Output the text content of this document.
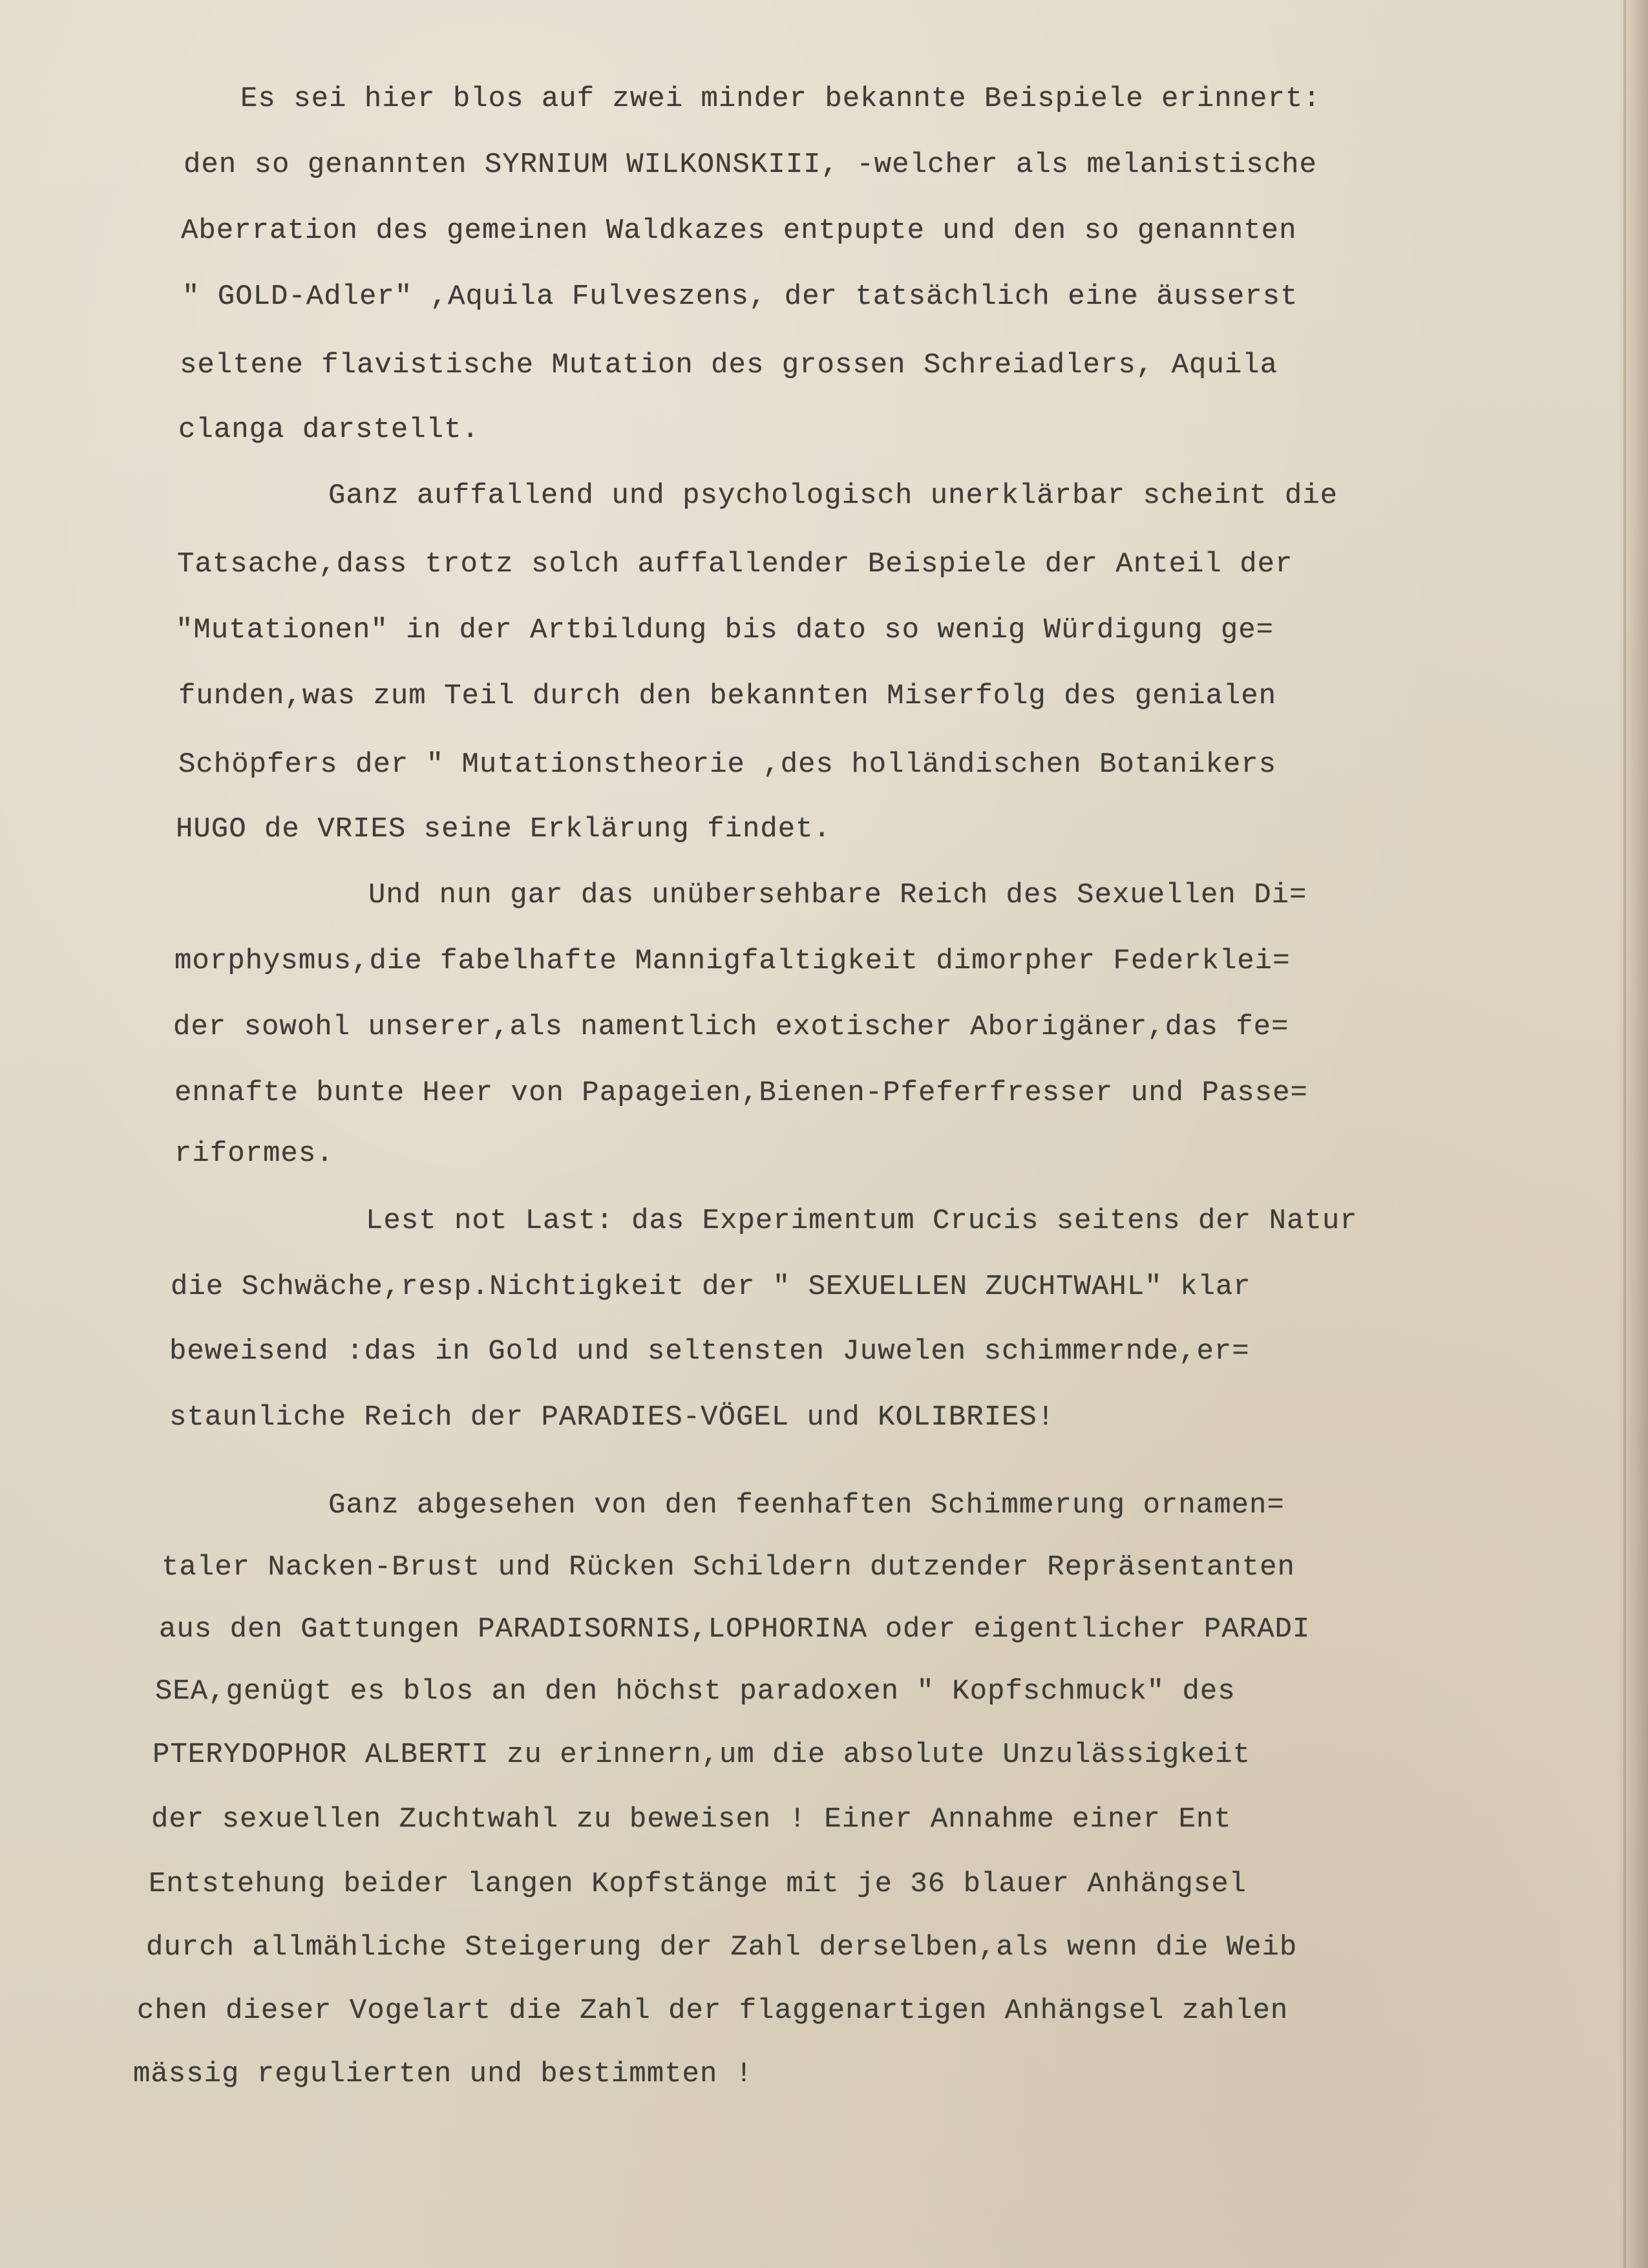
Es sei hier blos auf zwei minder bekannte Beispiele erinnert:
den so genannten SYRNIUM WILKONSKIII, -welcher als melanistische
Aberration des gemeinen Waldkazes entpupte und den so genannten
" GOLD-Adler" ,Aquila Fulveszens, der tatsächlich eine äusserst
seltene flavistische Mutation des grossen Schreiadlers, Aquila
clanga darstellt.
Ganz auffallend und psychologisch unerklärbar scheint die
Tatsache,dass trotz solch auffallender Beispiele der Anteil der
"Mutationen" in der Artbildung bis dato so wenig Würdigung ge=
funden,was zum Teil durch den bekannten Miserfolg des genialen
Schöpfers der " Mutationstheorie ,des holländischen Botanikers
HUGO de VRIES seine Erklärung findet.
Und nun gar das unübersehbare Reich des Sexuellen Di=
morphysmus,die fabelhafte Mannigfaltigkeit dimorpher Federklei=
der sowohl unserer,als namentlich exotischer Aborigäner,das fe=
ennafte bunte Heer von Papageien,Bienen-Pfeferfresser und Passe=
riformes.
Lest not Last: das Experimentum Crucis seitens der Natur
die Schwäche,resp.Nichtigkeit der " SEXUELLEN ZUCHTWAHL" klar
beweisend :das in Gold und seltensten Juwelen schimmernde,er=
staunliche Reich der PARADIES-VÖGEL und KOLIBRIES!
Ganz abgesehen von den feenhaften Schimmerung ornamen=
taler Nacken-Brust und Rücken Schildern dutzender Repräsentanten
aus den Gattungen PARADISORNIS,LOPHORINA oder eigentlicher PARADI
SEA,genügt es blos an den höchst paradoxen " Kopfschmuck" des
PTERYDOPHOR ALBERTI zu erinnern,um die absolute Unzulässigkeit
der sexuellen Zuchtwahl zu beweisen ! Einer Annahme einer Ent
Entstehung beider langen Kopfstänge mit je 36 blauer Anhängsel
durch allmähliche Steigerung der Zahl derselben,als wenn die Weib
chen dieser Vogelart die Zahl der flaggenartigen Anhängsel zahlen
mässig regulierten und bestimmten !
